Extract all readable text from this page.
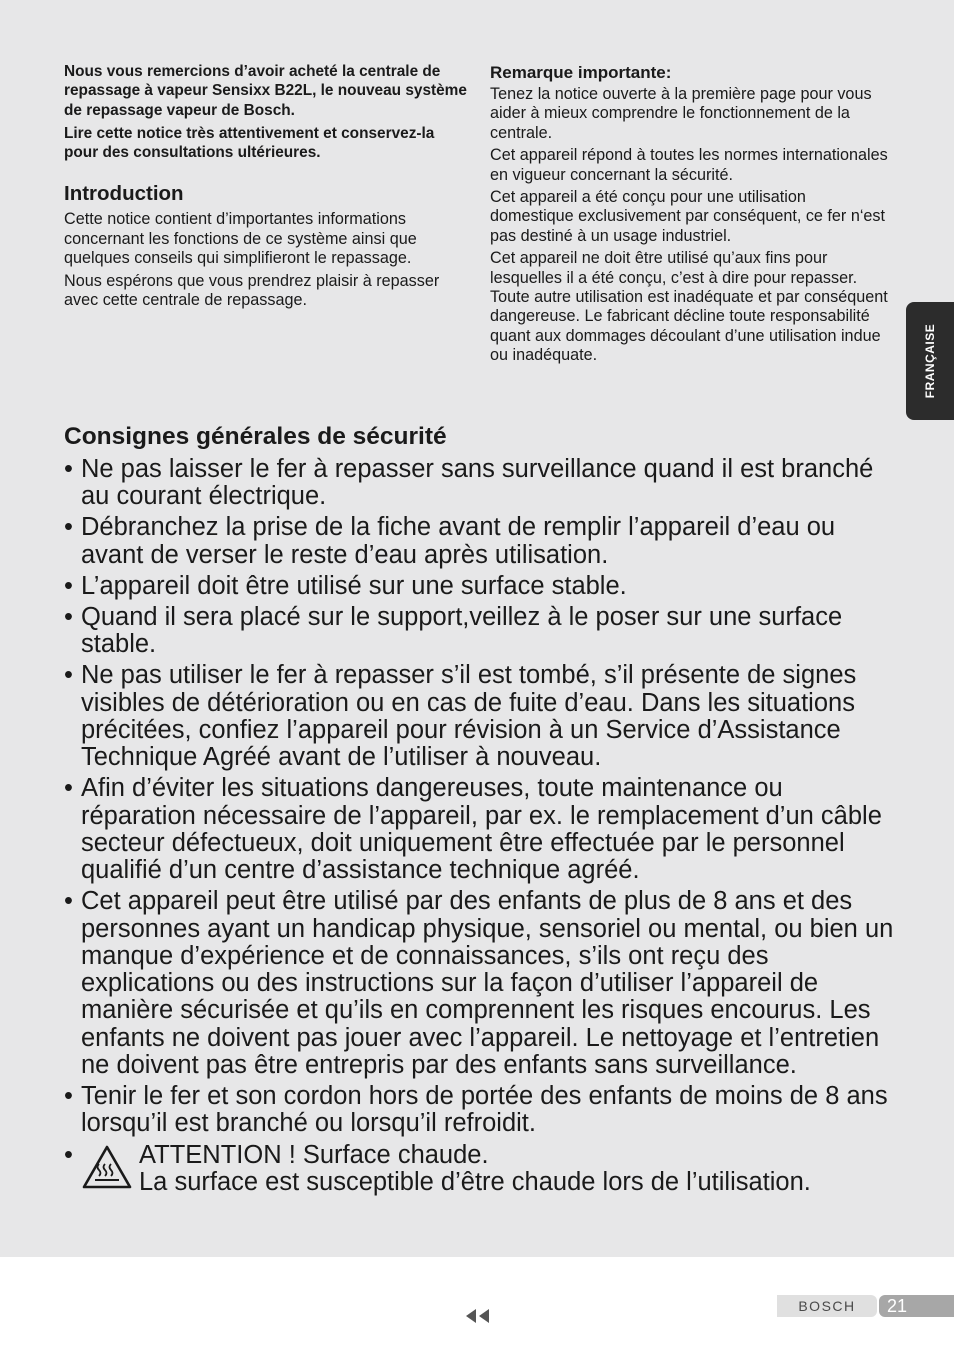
Nous vous remercions d’avoir acheté la centrale de repassage à vapeur Sensixx B22L, le nouveau système de repassage vapeur de Bosch.

Lire cette notice très attentivement et conservez-la pour des consultations ultérieures.

Introduction

Cette notice contient d’importantes informations concernant les fonctions de ce système ainsi que quelques conseils qui simplifieront le repassage.

Nous espérons que vous prendrez plaisir à repasser avec cette centrale de repassage.

Remarque importante:

Tenez la notice ouverte à la première page pour vous aider à mieux comprendre le fonctionnement de la centrale.

Cet appareil répond à toutes les normes internationales en vigueur concernant la sécurité.

Cet appareil a été conçu pour une utilisation domestique exclusivement par conséquent, ce fer n‘est pas destiné à un usage industriel.

Cet appareil ne doit être utilisé qu’aux fins pour lesquelles il a été conçu, c’est à dire pour repasser. Toute autre utilisation est inadéquate et par conséquent dangereuse. Le fabricant décline toute responsabilité quant aux dommages découlant d’une utilisation indue ou inadéquate.	FRANÇAISE
Consignes générales de sécurité
• Ne pas laisser le fer à repasser sans surveillance quand il est branché au courant électrique.
• Débranchez la prise de la fiche avant de remplir l’appareil d’eau ou avant de verser le reste d’eau après utilisation.
• L’appareil doit être utilisé sur une surface stable.
• Quand il sera placé sur le support,veillez à le poser sur une surface stable.
• Ne pas utiliser le fer à repasser s’il est tombé, s’il présente de signes visibles de détérioration ou en cas de fuite d’eau. Dans les situations précitées, confiez l’appareil pour révision à un Service d’Assistance Technique Agréé avant de l’utiliser à nouveau.
• Afin d’éviter les situations dangereuses, toute maintenance ou réparation nécessaire de l’appareil, par ex. le remplacement d’un câble secteur défectueux, doit uniquement être effectuée par le personnel qualifié d’un centre d’assistance technique agréé.
• Cet appareil peut être utilisé par des enfants de plus de 8 ans et des personnes ayant un handicap physique, sensoriel ou mental, ou bien un manque d’expérience et de connaissances, s’ils ont reçu des explications ou des instructions sur la façon d’utiliser l’appareil de manière sécurisée et qu’ils en comprennent les risques encourus. Les enfants ne doivent pas jouer avec l’appareil. Le nettoyage et l’entretien ne doivent pas être entrepris par des enfants sans surveillance.
• Tenir le fer et son cordon hors de portée des enfants de moins de 8 ans lorsqu’il est branché ou lorsqu’il refroidit.
•	ATTENTION ! Surface chaude.
La surface est susceptible d’être chaude lors de l’utilisation.
BOSCH	21
